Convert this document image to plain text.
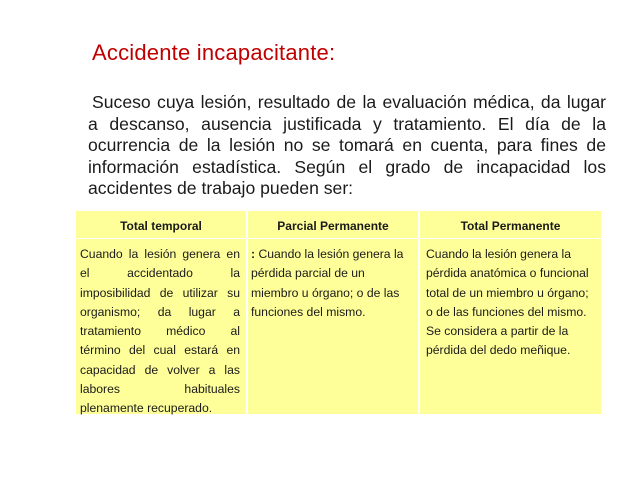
Accidente incapacitante:
Suceso cuya lesión, resultado de la evaluación médica, da lugar a descanso, ausencia justificada y tratamiento. El día de la ocurrencia de la lesión no se tomará en cuenta, para fines de información estadística. Según el grado de incapacidad los accidentes de trabajo pueden ser:
Total temporal	Parcial Permanente	Total Permanente
Cuando la lesión genera en el accidentado la imposibilidad de utilizar su organismo; da lugar a tratamiento médico al término del cual estará en capacidad de volver a las labores habituales plenamente recuperado.
: Cuando la lesión genera la pérdida parcial de un miembro u órgano; o de las funciones del mismo.
Cuando la lesión genera la pérdida anatómica o funcional total de un miembro u órgano; o de las funciones del mismo. Se considera a partir de la pérdida del dedo meñique.
